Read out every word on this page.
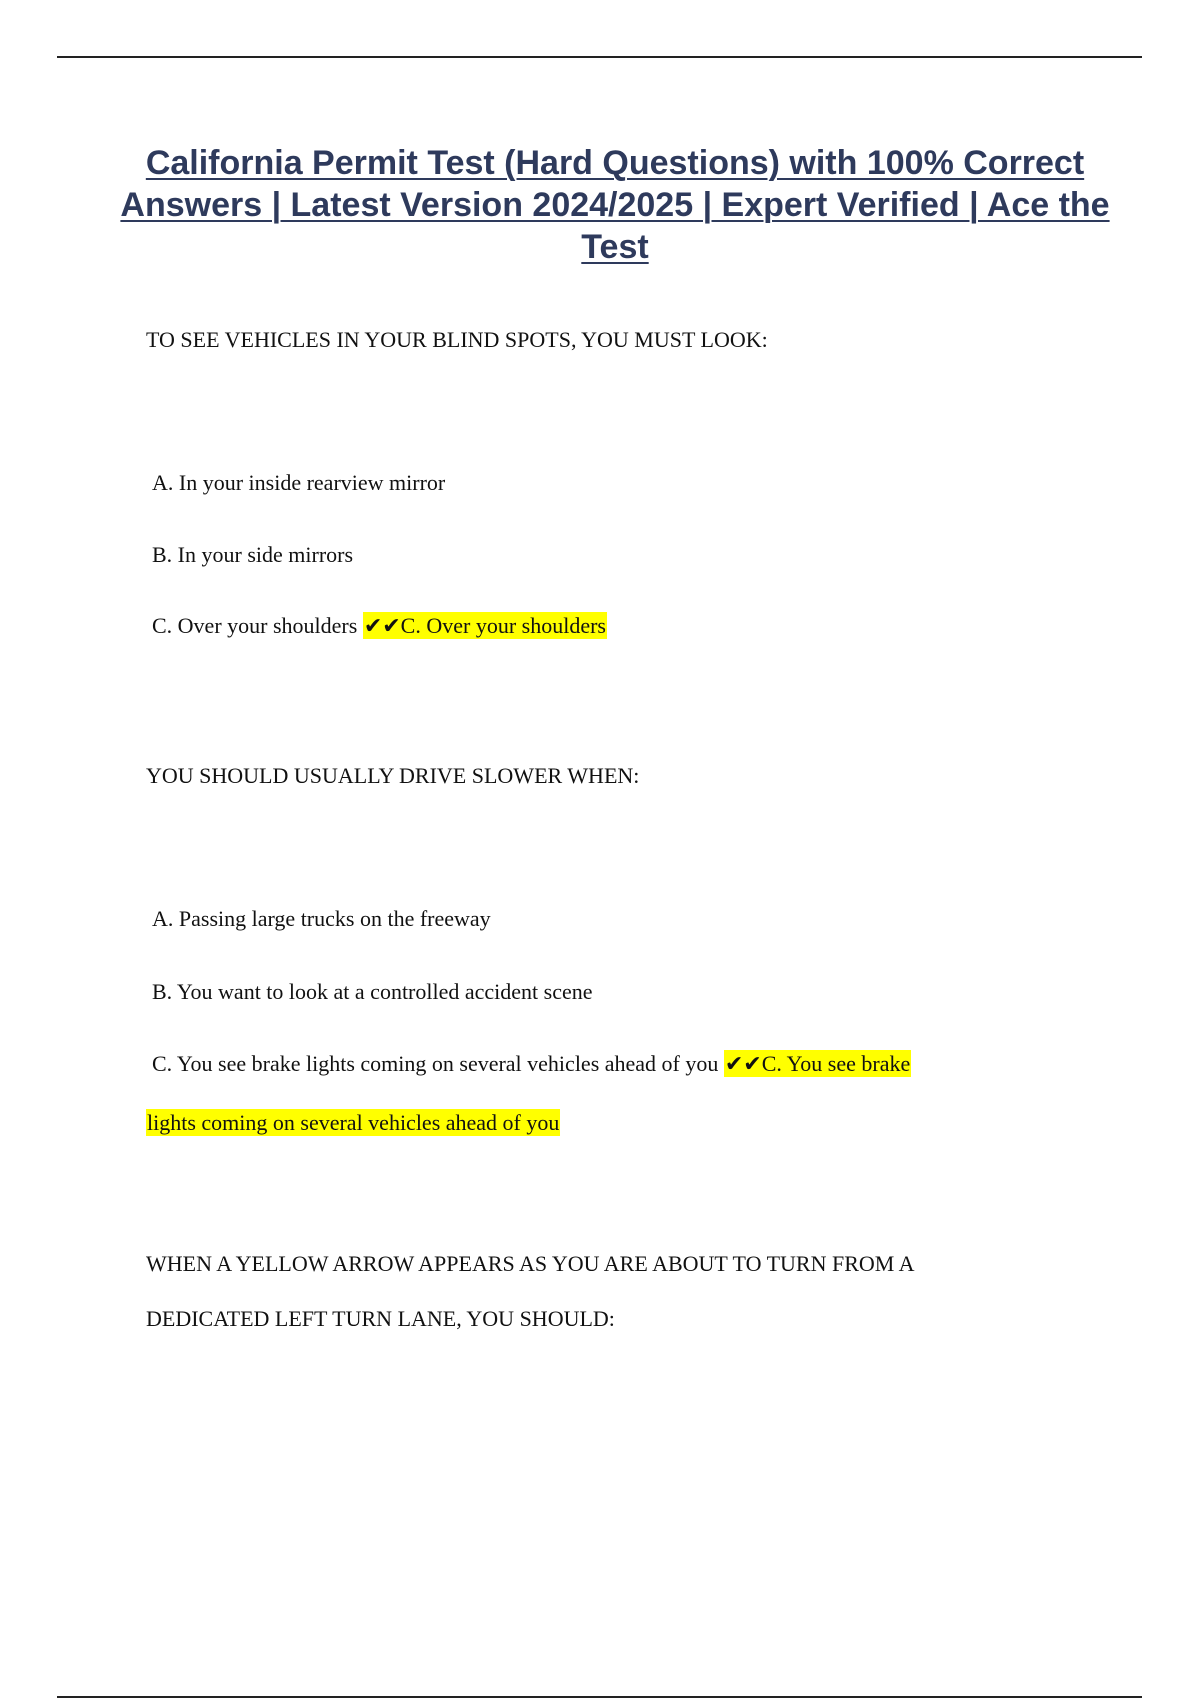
California Permit Test (Hard Questions) with 100% Correct Answers | Latest Version 2024/2025 | Expert Verified | Ace the Test
TO SEE VEHICLES IN YOUR BLIND SPOTS, YOU MUST LOOK:
A. In your inside rearview mirror
B. In your side mirrors
C. Over your shoulders ✔✔C. Over your shoulders
YOU SHOULD USUALLY DRIVE SLOWER WHEN:
A. Passing large trucks on the freeway
B. You want to look at a controlled accident scene
C. You see brake lights coming on several vehicles ahead of you ✔✔C. You see brake
lights coming on several vehicles ahead of you
WHEN A YELLOW ARROW APPEARS AS YOU ARE ABOUT TO TURN FROM A
DEDICATED LEFT TURN LANE, YOU SHOULD:
